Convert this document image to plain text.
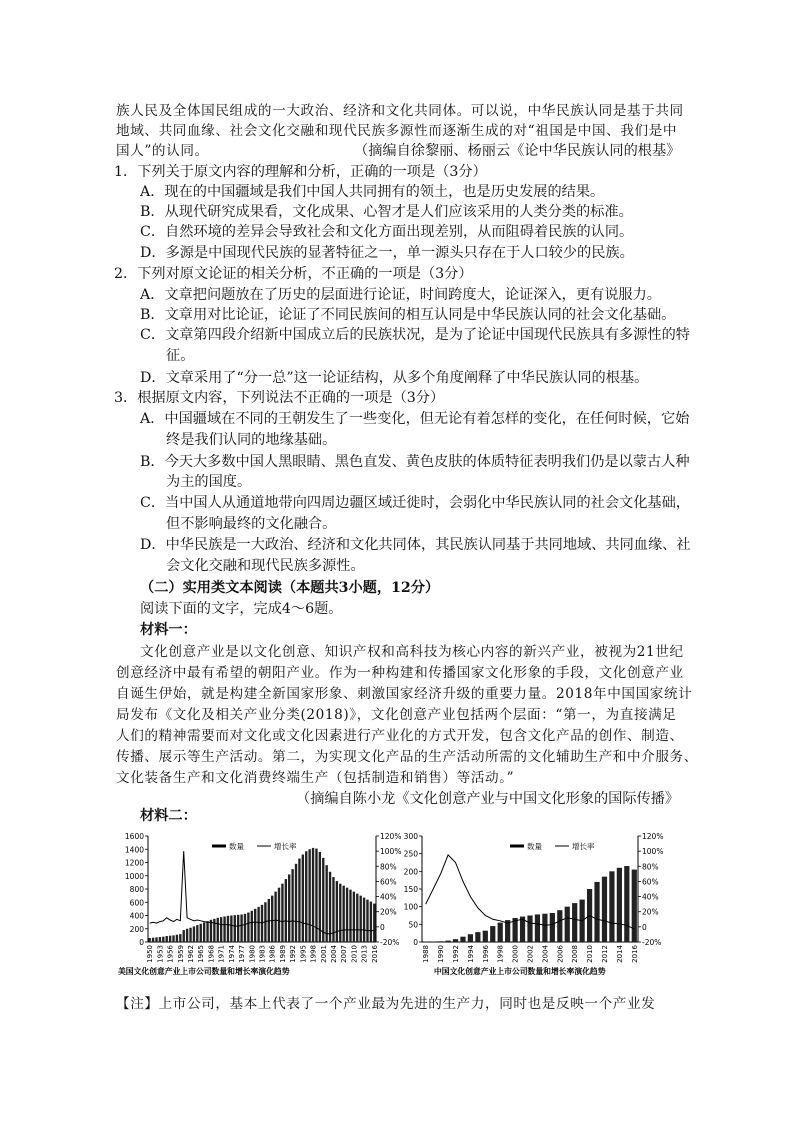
族人民及全体国民组成的一大政治、经济和文化共同体。可以说，中华民族认同是基于共同
地域、共同血缘、社会文化交融和现代民族多源性而逐渐生成的对“祖国是中国、我们是中
国人”的认同。	（摘编自徐黎丽、杨丽云《论中华民族认同的根基》
1．下列关于原文内容的理解和分析，正确的一项是（3分）
A．现在的中国疆域是我们中国人共同拥有的领土，也是历史发展的结果。
B．从现代研究成果看，文化成果、心智才是人们应该采用的人类分类的标准。
C．自然环境的差异会导致社会和文化方面出现差别，从而阻碍着民族的认同。
D．多源是中国现代民族的显著特征之一，单一源头只存在于人口较少的民族。
2．下列对原文论证的相关分析，不正确的一项是（3分）
A．文章把问题放在了历史的层面进行论证，时间跨度大，论证深入，更有说服力。
B．文章用对比论证，论证了不同民族间的相互认同是中华民族认同的社会文化基础。
C．文章第四段介绍新中国成立后的民族状况，是为了论证中国现代民族具有多源性的特
征。
D．文章采用了“分一总”这一论证结构，从多个角度阐释了中华民族认同的根基。
3．根据原文内容，下列说法不正确的一项是（3分）
A．中国疆域在不同的王朝发生了一些变化，但无论有着怎样的变化，在任何时候，它始
终是我们认同的地缘基础。
B．今天大多数中国人黑眼睛、黑色直发、黄色皮肤的体质特征表明我们仍是以蒙古人种
为主的国度。
C．当中国人从通道地带向四周边疆区域迁徙时，会弱化中华民族认同的社会文化基础，
但不影响最终的文化融合。
D．中华民族是一大政治、经济和文化共同体，其民族认同基于共同地域、共同血缘、社
会文化交融和现代民族多源性。
（二）实用类文本阅读（本题共3小题，12分）
阅读下面的文字，完成4～6题。
材料一：
文化创意产业是以文化创意、知识产权和高科技为核心内容的新兴产业，被视为21世纪
创意经济中最有希望的朝阳产业。作为一种构建和传播国家文化形象的手段，文化创意产业
自诞生伊始，就是构建全新国家形象、刺激国家经济升级的重要力量。2018年中国国家统计
局发布《文化及相关产业分类(2018)》，文化创意产业包括两个层面：“第一，为直接满足
人们的精神需要而对文化或文化因素进行产业化的方式开发，包含文化产品的创作、制造、
传播、展示等生产活动。第二，为实现文化产品的生产活动所需的文化辅助生产和中介服务、
文化装备生产和文化消费终端生产（包括制造和销售）等活动。”
（摘编自陈小龙《文化创意产业与中国文化形象的国际传播》
材料二：
0
200
400
600
800
1000
1200
1400
1600
-20%
0
20%
40%
60%
80%
100%
120%
1950 1953 1956 1959 1962 1965 1968 1971 1974 1977 1980 1983 1986 1989 1992 1995 1998 2001 2004 2007 2010 2013 2016
数量	增长率
美国文化创意产业上市公司数量和增长率演化趋势
0
50
100
150
200
250
300
-20%
0
20%
40%
60%
80%
100%
120%
1988 1990 1992 1994 1996 1998 2000 2002 2004 2006 2008 2010 2012 2014 2016
数量	增长率
中国文化创意产业上市公司数量和增长率演化趋势
【注】上市公司，基本上代表了一个产业最为先进的生产力，同时也是反映一个产业发
